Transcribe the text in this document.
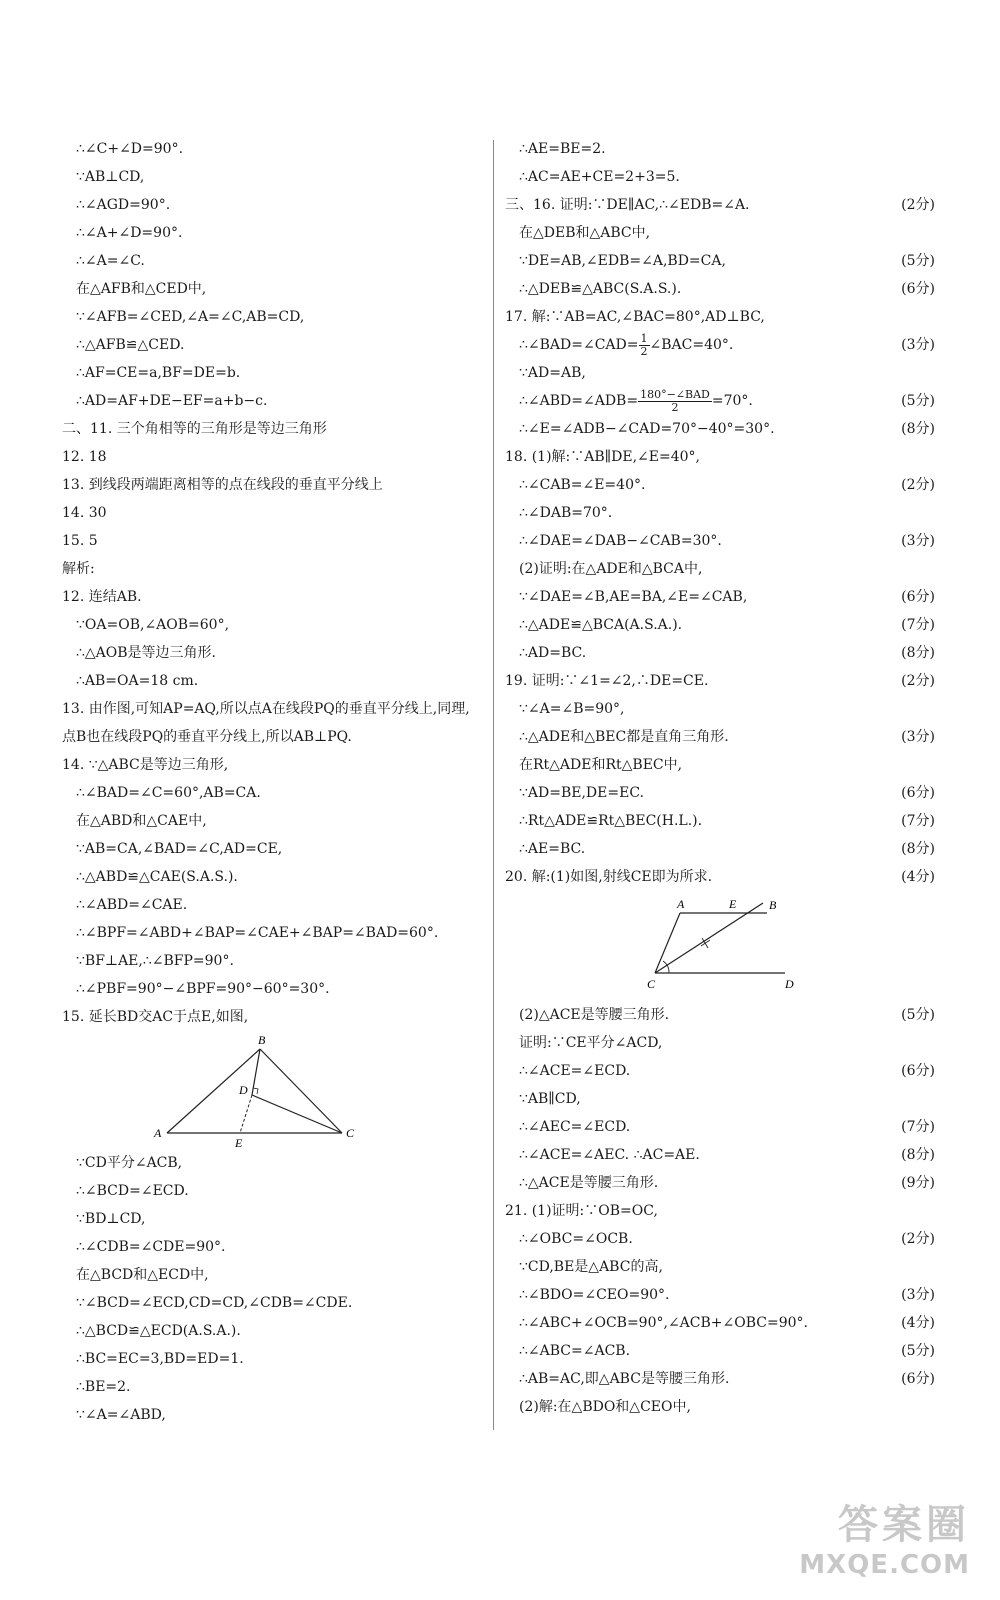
∴∠C+∠D=90°.
∵AB⊥CD,
∴∠AGD=90°.
∴∠A+∠D=90°.
∴∠A=∠C.
在△AFB和△CED中,
∵∠AFB=∠CED,∠A=∠C,AB=CD,
∴△AFB≌△CED.
∴AF=CE=a,BF=DE=b.
∴AD=AF+DE−EF=a+b−c.
二、11. 三个角相等的三角形是等边三角形
12. 18
13. 到线段两端距离相等的点在线段的垂直平分线上
14. 30
15. 5
解析:
12. 连结AB.
∵OA=OB,∠AOB=60°,
∴△AOB是等边三角形.
∴AB=OA=18 cm.
13. 由作图,可知AP=AQ,所以点A在线段PQ的垂直平分线上,同理,点B也在线段PQ的垂直平分线上,所以AB⊥PQ.
14. ∵△ABC是等边三角形,
∴∠BAD=∠C=60°,AB=CA.
在△ABD和△CAE中,
∵AB=CA,∠BAD=∠C,AD=CE,
∴△ABD≌△CAE(S.A.S.).
∴∠ABD=∠CAE.
∴∠BPF=∠ABD+∠BAP=∠CAE+∠BAP=∠BAD=60°.
∵BF⊥AE,∴∠BFP=90°.
∴∠PBF=90°−∠BPF=90°−60°=30°.
15. 延长BD交AC于点E,如图,
A
B
C
D
E
∵CD平分∠ACB,
∴∠BCD=∠ECD.
∵BD⊥CD,
∴∠CDB=∠CDE=90°.
在△BCD和△ECD中,
∵∠BCD=∠ECD,CD=CD,∠CDB=∠CDE.
∴△BCD≌△ECD(A.S.A.).
∴BC=EC=3,BD=ED=1.
∴BE=2.
∵∠A=∠ABD,
∴AE=BE=2.
∴AC=AE+CE=2+3=5.
三、16. 证明:∵DE∥AC,∴∠EDB=∠A.	(2分)
在△DEB和△ABC中,
∵DE=AB,∠EDB=∠A,BD=CA,	(5分)
∴△DEB≌△ABC(S.A.S.).	(6分)
17. 解:∵AB=AC,∠BAC=80°,AD⊥BC,
∴∠BAD=∠CAD= $\frac{1}{2}$ ∠BAC=40°.	(3分)
∵AD=AB,
∴∠ABD=∠ADB= $\frac{\text{180°−∠BAD}}{2} =70^\circ$.	(5分)
∴∠E=∠ADB−∠CAD=70°−40°=30°.	(8分)
18. (1)解:∵AB∥DE,∠E=40°,
∴∠CAB=∠E=40°.	(2分)
∴∠DAB=70°.
∴∠DAE=∠DAB−∠CAB=30°.	(3分)
(2)证明:在△ADE和△BCA中,
∵∠DAE=∠B,AE=BA,∠E=∠CAB,	(6分)
∴△ADE≌△BCA(A.S.A.).	(7分)
∴AD=BC.	(8分)
19. 证明:∵∠1=∠2,∴DE=CE.	(2分)
∵∠A=∠B=90°,
∴△ADE和△BEC都是直角三角形.	(3分)
在Rt△ADE和Rt△BEC中,
∵AD=BE,DE=EC.	(6分)
∴Rt△ADE≌Rt△BEC(H.L.).	(7分)
∴AE=BC.	(8分)
20. 解:(1)如图,射线CE即为所求.	(4分)
A	E	B
C	D
(2)△ACE是等腰三角形.	(5分)
证明:∵CE平分∠ACD,
∴∠ACE=∠ECD.	(6分)
∵AB∥CD,
∴∠AEC=∠ECD.	(7分)
∴∠ACE=∠AEC. ∴AC=AE.	(8分)
∴△ACE是等腰三角形.	(9分)
21. (1)证明:∵OB=OC,
∴∠OBC=∠OCB.	(2分)
∵CD,BE是△ABC的高,
∴∠BDO=∠CEO=90°.	(3分)
∴∠ABC+∠OCB=90°,∠ACB+∠OBC=90°.	(4分)
∴∠ABC=∠ACB.	(5分)
∴AB=AC,即△ABC是等腰三角形.	(6分)
(2)解:在△BDO和△CEO中,
答案圈
MXQE.COM
